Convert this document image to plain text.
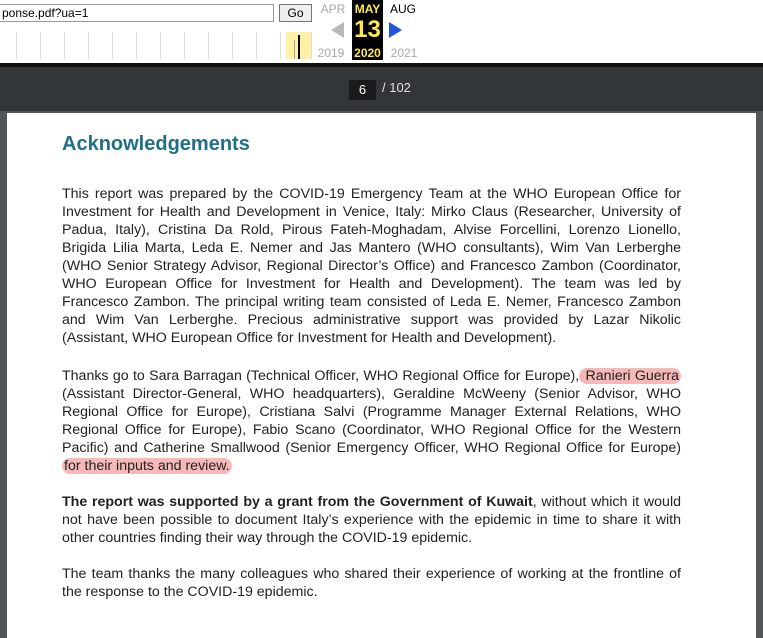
ponse.pdf?ua=1
Go	APR
2019
MAY
13
2020
AUG
2021
6	/ 102
Acknowledgements
This report was prepared by the COVID-19 Emergency Team at the WHO European Office for Investment for Health and Development in Venice, Italy: Mirko Claus (Researcher, University of Padua, Italy), Cristina Da Rold, Pirous Fateh-Moghadam, Alvise Forcellini, Lorenzo Lionello, Brigida Lilia Marta, Leda E. Nemer and Jas Mantero (WHO consultants), Wim Van Lerberghe (WHO Senior Strategy Advisor, Regional Director’s Office) and Francesco Zambon (Coordinator, WHO European Office for Investment for Health and Development). The team was led by Francesco Zambon. The principal writing team consisted of Leda E. Nemer, Francesco Zambon and Wim Van Lerberghe. Precious administrative support was provided by Lazar Nikolic (Assistant, WHO European Office for Investment for Health and Development).
Thanks go to Sara Barragan (Technical Officer, WHO Regional Office for Europe), Ranieri Guerra (Assistant Director-General, WHO headquarters), Geraldine McWeeny (Senior Advisor, WHO Regional Office for Europe), Cristiana Salvi (Programme Manager External Relations, WHO Regional Office for Europe), Fabio Scano (Coordinator, WHO Regional Office for the Western Pacific) and Catherine Smallwood (Senior Emergency Officer, WHO Regional Office for Europe) for their inputs and review.
The report was supported by a grant from the Government of Kuwait, without which it would not have been possible to document Italy’s experience with the epidemic in time to share it with other countries finding their way through the COVID-19 epidemic.
The team thanks the many colleagues who shared their experience of working at the frontline of the response to the COVID-19 epidemic.
